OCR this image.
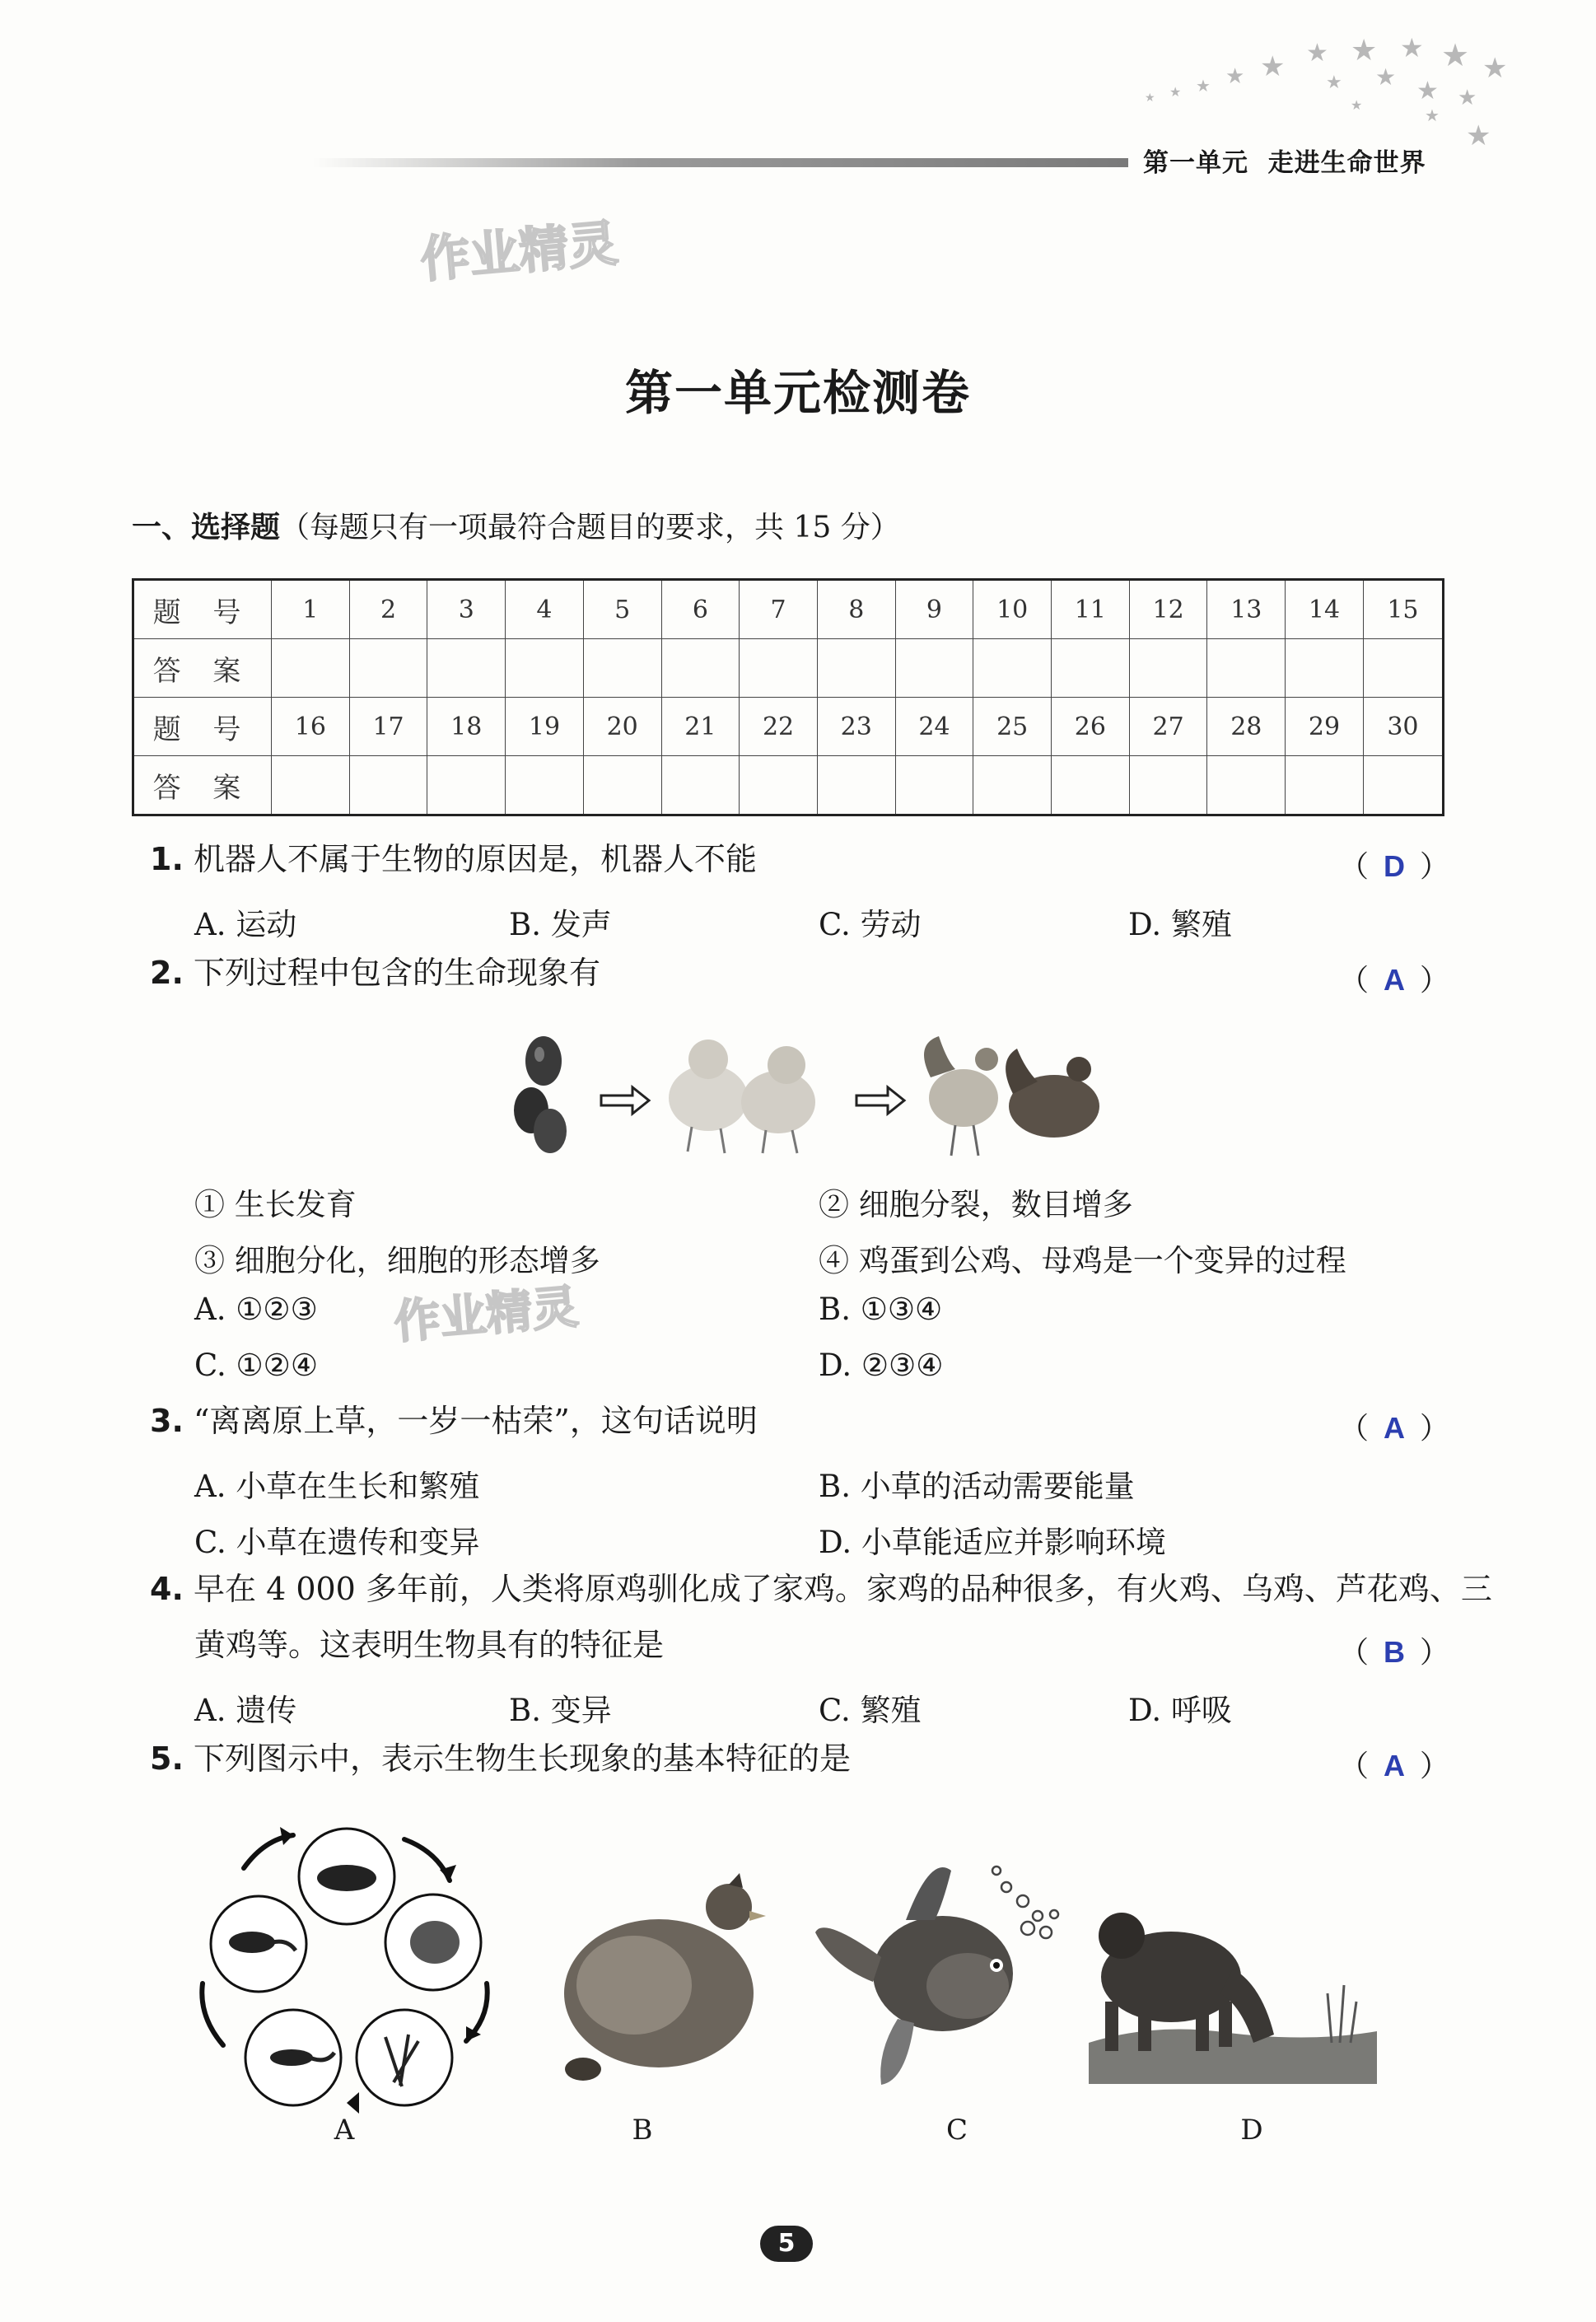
★ ★ ★ ★ ★ ★ ★ ★ ★ ★
★ ★ ★ ★
★
★
★
第一单元 走进生命世界
作业精灵
作业精灵
第一单元检测卷
一、选择题（每题只有一项最符合题目的要求，共 15 分）
题 号	1	2	3	4	5	6	7	8	9	10	11	12	13	14	15
答 案															
题 号	16	17	18	19	20	21	22	23	24	25	26	27	28	29	30
答 案															
1. 机器人不属于生物的原因是，机器人不能	（ D ）
A. 运动	B. 发声	C. 劳动	D. 繁殖
2. 下列过程中包含的生命现象有	（ A ）
① 生长发育	② 细胞分裂，数目增多
③ 细胞分化，细胞的形态增多	④ 鸡蛋到公鸡、母鸡是一个变异的过程
A. ①②③	B. ①③④
C. ①②④	D. ②③④
3. “离离原上草，一岁一枯荣”，这句话说明	（ A ）
A. 小草在生长和繁殖	B. 小草的活动需要能量
C. 小草在遗传和变异	D. 小草能适应并影响环境
4. 早在 4 000 多年前，人类将原鸡驯化成了家鸡。家鸡的品种很多，有火鸡、乌鸡、芦花鸡、三
黄鸡等。这表明生物具有的特征是	（ B ）
A. 遗传	B. 变异	C. 繁殖	D. 呼吸
5. 下列图示中，表示生物生长现象的基本特征的是	（ A ）
A	B	C	D
5
